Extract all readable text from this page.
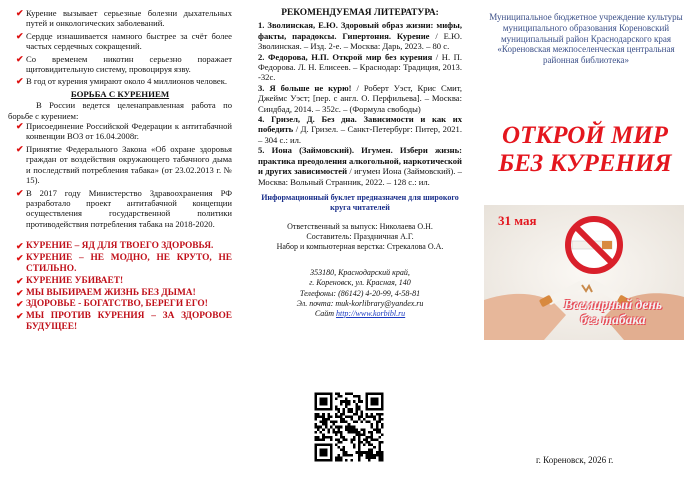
✔ Курение вызывает серьезные болезни дыхательных путей и онкологических заболеваний.
✔ Сердце изнашивается намного быстрее за счёт более частых сердечных сокращений.
✔ Со временем никотин серьезно поражает щитовидительную систему, провоцируя язву.
✔ В год от курения умирают около 4 миллионов человек.
БОРЬБА С КУРЕНИЕМ

В России ведется целенаправленная работа по борьбе с курением:

✔ Присоединение Российской Федерации к антитабачной конвенции ВОЗ от 16.04.2008г.
✔ Принятие Федерального Закона «Об охране здоровья граждан от воздействия окружающего табачного дыма и последствий потребления табака» (от 23.02.2013 г. № 15).
✔ В 2017 году Министерство Здравоохранения РФ разработало проект антитабачной концепции осуществления государственной политики противодействия потребления табака на 2018-2020.
✔ КУРЕНИЕ – ЯД ДЛЯ ТВОЕГО ЗДОРОВЬЯ.
✔ КУРЕНИЕ – НЕ МОДНО, НЕ КРУТО, НЕ СТИЛЬНО.
✔ КУРЕНИЕ УБИВАЕТ!
✔ МЫ ВЫБИРАЕМ ЖИЗНЬ БЕЗ ДЫМА!
✔ ЗДОРОВЬЕ - БОГАТСТВО, БЕРЕГИ ЕГО!
✔ МЫ ПРОТИВ КУРЕНИЯ – ЗА ЗДОРОВОЕ БУДУЩЕЕ!
РЕКОМЕНДУЕМАЯ ЛИТЕРАТУРА:

1. Зволинская, Е.Ю. Здоровый образ жизни: мифы, факты, парадоксы. Гипертония. Курение / Е.Ю. Зволинская. – Изд. 2-е. – Москва: Дарь, 2023. – 80 с.

2. Федорова, Н.П. Открой мир без курения / Н. П. Федорова. Л. Н. Елисеев. – Краснодар: Традиция, 2013. -32с.

3. Я больше не курю! / Роберт Уэст, Крис Смит, Джеймс Уэст; [пер. с англ. О. Перфильева]. – Москва: Синдбад, 2014. – 352с. – (Формула свободы)

4. Гризел, Д. Без дна. Зависимости и как их победить / Д. Гризел. – Санкт-Петербург: Питер, 2021. – 304 с.: ил.

5. Иона (Займовский). Игумен. Избери жизнь: практика преодоления алкогольной, наркотической и других зависимостей / игумен Иона (Займовский). – Москва: Вольный Странник, 2022. – 128 с.: ил.

Информационный буклет предназначен для широкого круга читателей
Ответственный за выпуск: Николаева О.Н.
Составитель: Праздничная А.Г.
Набор и компьютерная верстка: Стрекалова О.А.
353180, Краснодарский край,
г. Кореновск, ул. Красная, 140
Телефоны: (86142) 4-20-99, 4-58-81
Эл. почта: muk-korlibrary@yandex.ru
Сайт http://www.korbibl.ru
Муниципальное бюджетное учреждение культуры муниципального образования Кореновский муниципальный район Краснодарского края «Кореновская межпоселенческая центральная районная библиотека»
ОТКРОЙ МИР
БЕЗ КУРЕНИЯ
31 мая
Всемирный день
без табака
г. Кореновск, 2026 г.
